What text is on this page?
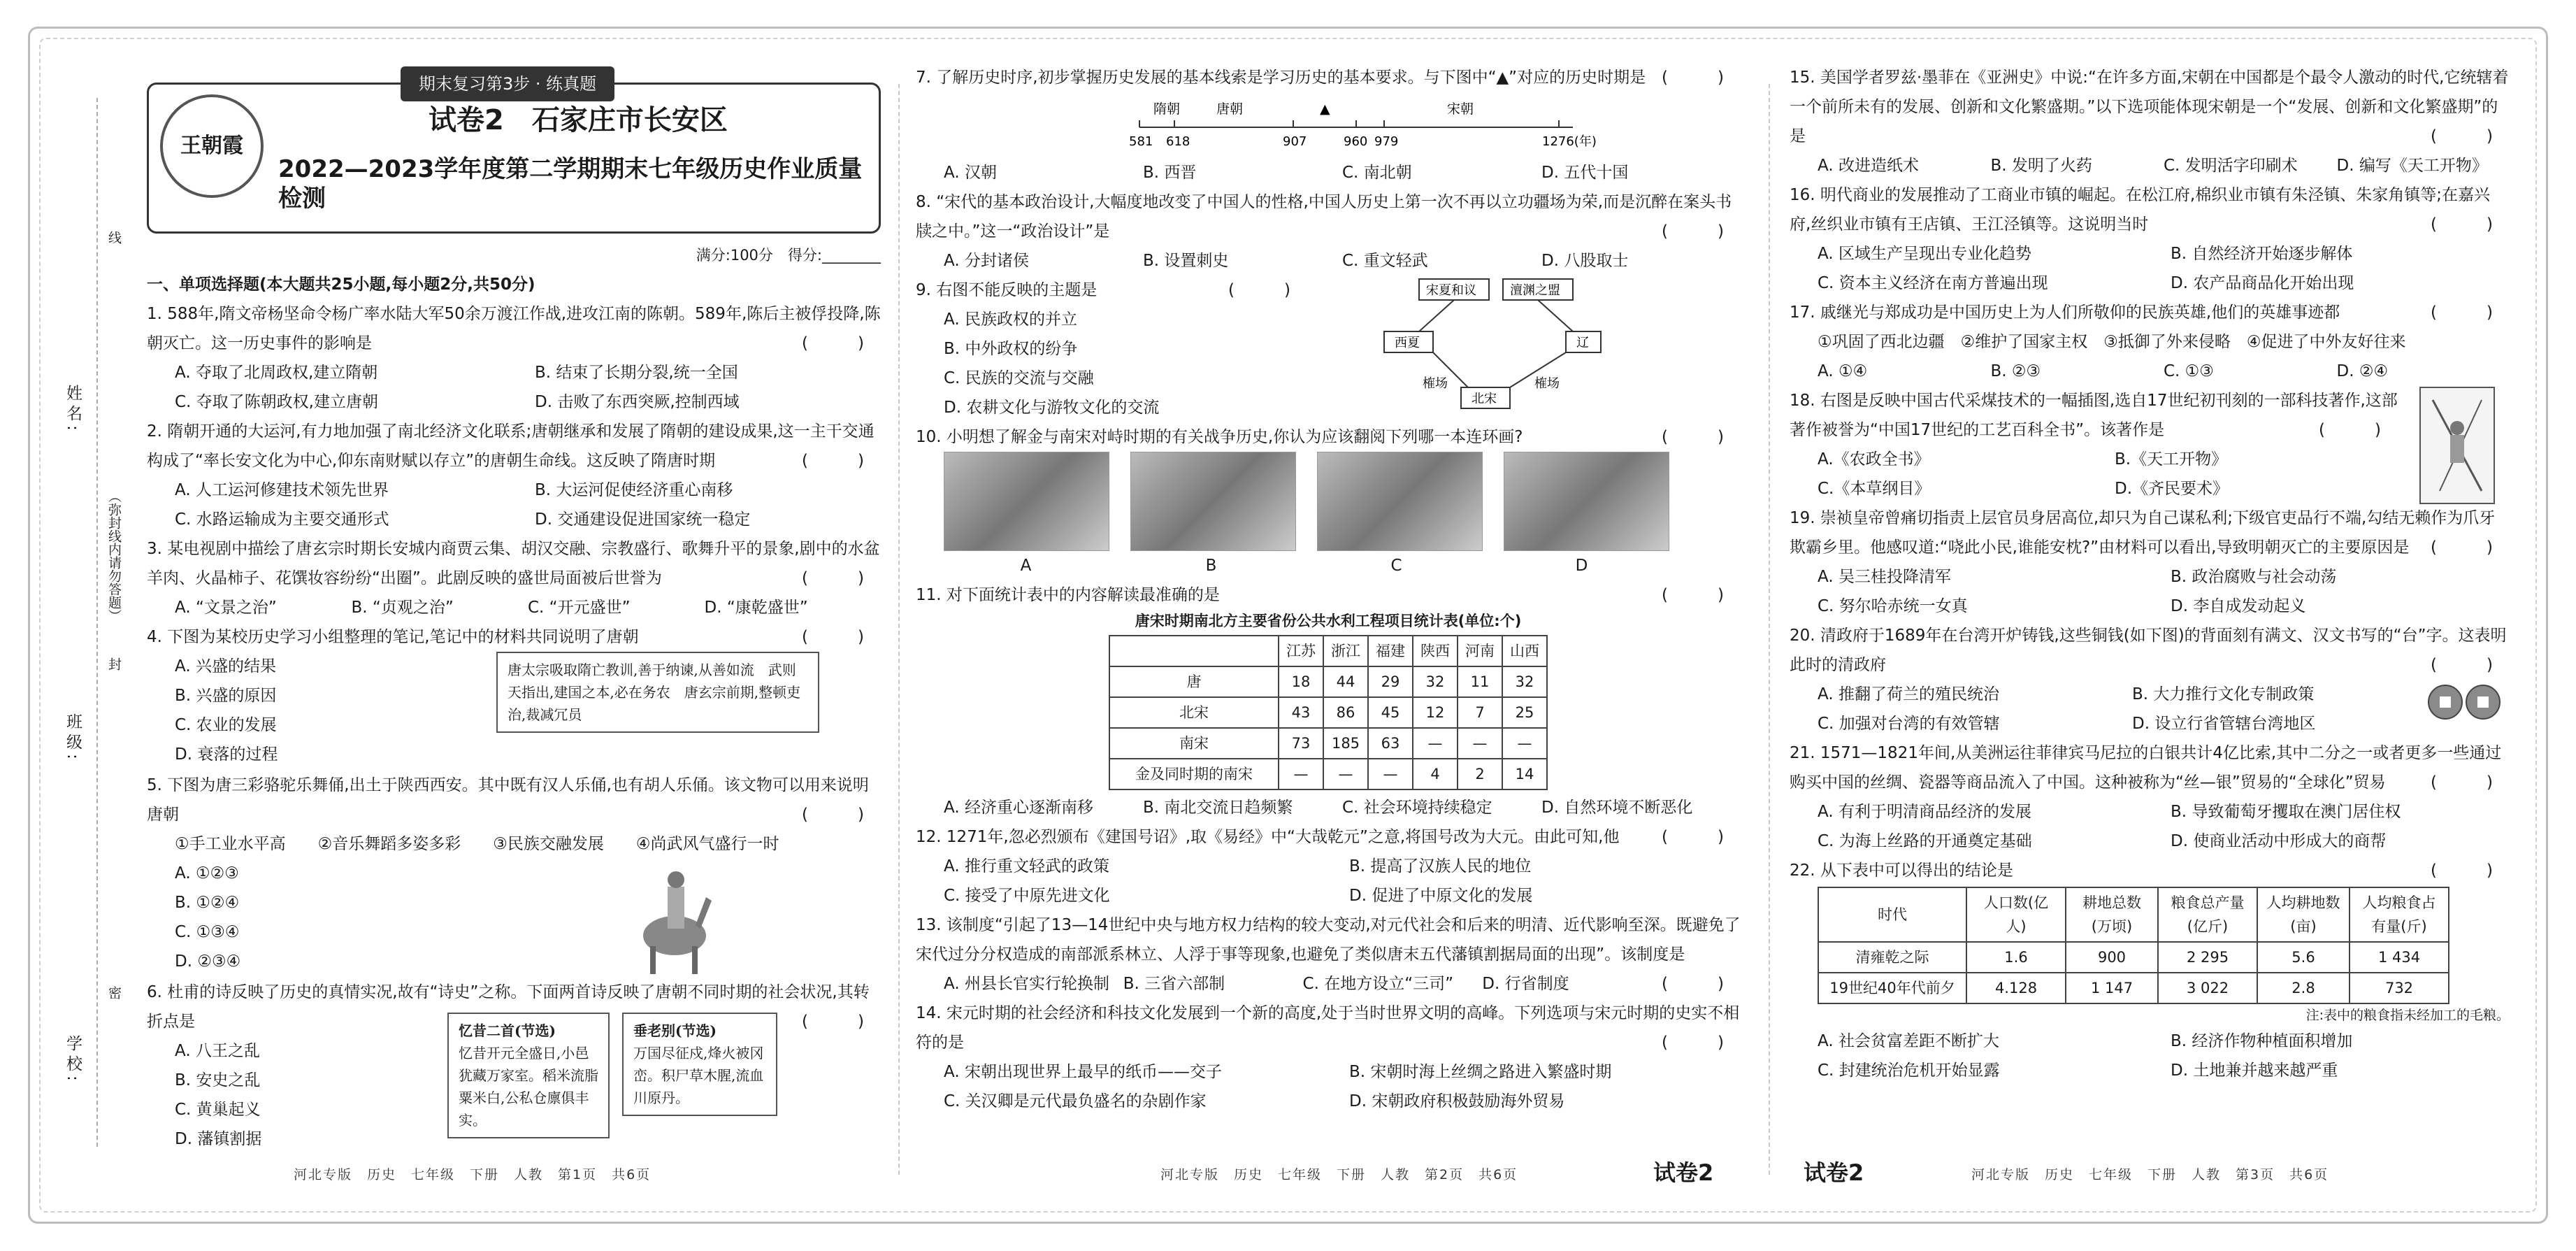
姓名:
班级:
学校:
线
（弥封线内请勿答题）
封
密
期末复习第3步 · 练真题
王朝霞
试卷2　石家庄市长安区
2022—2023学年度第二学期期末七年级历史作业质量检测
满分:100分　得分:________

一、单项选择题(本大题共25小题,每小题2分,共50分)

1. 588年,隋文帝杨坚命令杨广率水陆大军50余万渡江作战,进攻江南的陈朝。589年,陈后主被俘投降,陈朝灭亡。这一历史事件的影响是	(　)

A. 夺取了北周政权,建立隋朝	B. 结束了长期分裂,统一全国
C. 夺取了陈朝政权,建立唐朝	D. 击败了东西突厥,控制西域

2. 隋朝开通的大运河,有力地加强了南北经济文化联系;唐朝继承和发展了隋朝的建设成果,这一主干交通构成了“率长安文化为中心,仰东南财赋以存立”的唐朝生命线。这反映了隋唐时期	(　)

A. 人工运河修建技术领先世界	B. 大运河促使经济重心南移
C. 水路运输成为主要交通形式	D. 交通建设促进国家统一稳定

3. 某电视剧中描绘了唐玄宗时期长安城内商贾云集、胡汉交融、宗教盛行、歌舞升平的景象,剧中的水盆羊肉、火晶柿子、花馔妆容纷纷“出圈”。此剧反映的盛世局面被后世誉为	(　)

A. “文景之治”	B. “贞观之治”	C. “开元盛世”	D. “康乾盛世”

4. 下图为某校历史学习小组整理的笔记,笔记中的材料共同说明了唐朝	(　)

A. 兴盛的结果
B. 兴盛的原因
C. 农业的发展
D. 衰落的过程
唐太宗吸取隋亡教训,善于纳谏,从善如流　武则天指出,建国之本,必在务农　唐玄宗前期,整顿吏治,裁减冗员

5. 下图为唐三彩骆驼乐舞俑,出土于陕西西安。其中既有汉人乐俑,也有胡人乐俑。该文物可以用来说明唐朝	(　)

①手工业水平高　　②音乐舞蹈多姿多彩　　③民族交融发展　　④尚武风气盛行一时
A. ①②③
B. ①②④
C. ①③④
D. ②③④

6. 杜甫的诗反映了历史的真情实况,故有“诗史”之称。下面两首诗反映了唐朝不同时期的社会状况,其转折点是	(　)

A. 八王之乱
B. 安史之乱
C. 黄巢起义
D. 藩镇割据
忆昔二首(节选)
忆昔开元全盛日,小邑犹藏万家室。稻米流脂粟米白,公私仓廪俱丰实。
垂老别(节选)
万国尽征戍,烽火被冈峦。积尸草木腥,流血川原丹。
河北专版　历史　七年级　下册　人教　第1页　共6页

7. 了解历史时序,初步掌握历史发展的基本线索是学习历史的基本要求。与下图中“▲”对应的历史时期是 (　)

隋朝	唐朝	▲	宋朝
581 618	907	960 979	1276(年)
A. 汉朝	B. 西晋	C. 南北朝	D. 五代十国

8. “宋代的基本政治设计,大幅度地改变了中国人的性格,中国人历史上第一次不再以立功疆场为荣,而是沉醉在案头书牍之中。”这一“政治设计”是	(　)

A. 分封诸侯	B. 设置刺史	C. 重文轻武	D. 八股取士

9. 右图不能反映的主题是	(　)

A. 民族政权的并立
B. 中外政权的纷争
C. 民族的交流与交融
D. 农耕文化与游牧文化的交流
宋夏和议	澶渊之盟
西夏	辽
榷场	榷场
北宋

10. 小明想了解金与南宋对峙时期的有关战争历史,你认为应该翻阅下列哪一本连环画?	(　)

A	B	C	D

11. 对下面统计表中的内容解读最准确的是	(　)

唐宋时期南北方主要省份公共水利工程项目统计表(单位:个)
	江苏	浙江	福建	陕西	河南	山西
唐	18	44	29	32	11	32
北宋	43	86	45	12	7	25
南宋	73	185	63	—	—	—
金及同时期的南宋	—	—	—	4	2	14
A. 经济重心逐渐南移	B. 南北交流日趋频繁	C. 社会环境持续稳定	D. 自然环境不断恶化

12. 1271年,忽必烈颁布《建国号诏》,取《易经》中“大哉乾元”之意,将国号改为大元。由此可知,他	(　)

A. 推行重文轻武的政策	B. 提高了汉族人民的地位
C. 接受了中原先进文化	D. 促进了中原文化的发展

13. 该制度“引起了13—14世纪中央与地方权力结构的较大变动,对元代社会和后来的明清、近代影响至深。既避免了宋代过分分权造成的南部派系林立、人浮于事等现象,也避免了类似唐末五代藩镇割据局面的出现”。该制度是
(　)

A. 州县长官实行轮换制 B. 三省六部制	C. 在地方设立“三司”	D. 行省制度

14. 宋元时期的社会经济和科技文化发展到一个新的高度,处于当时世界文明的高峰。下列选项与宋元时期的史实不相符的是	(　)

A. 宋朝出现世界上最早的纸币——交子	B. 宋朝时海上丝绸之路进入繁盛时期
C. 关汉卿是元代最负盛名的杂剧作家	D. 宋朝政府积极鼓励海外贸易
河北专版　历史　七年级　下册　人教　第2页　共6页	试卷2

15. 美国学者罗兹·墨菲在《亚洲史》中说:“在许多方面,宋朝在中国都是个最令人激动的时代,它统辖着一个前所未有的发展、创新和文化繁盛期。”以下选项能体现宋朝是一个“发展、创新和文化繁盛期”的是	(　)

A. 改进造纸术	B. 发明了火药	C. 发明活字印刷术	D. 编写《天工开物》

16. 明代商业的发展推动了工商业市镇的崛起。在松江府,棉织业市镇有朱泾镇、朱家角镇等;在嘉兴府,丝织业市镇有王店镇、王江泾镇等。这说明当时	(　)

A. 区域生产呈现出专业化趋势	B. 自然经济开始逐步解体
C. 资本主义经济在南方普遍出现	D. 农产品商品化开始出现

17. 戚继光与郑成功是中国历史上为人们所敬仰的民族英雄,他们的英雄事迹都	(　)

①巩固了西北边疆　②维护了国家主权　③抵御了外来侵略　④促进了中外友好往来
A. ①④	B. ②③	C. ①③	D. ②④

18. 右图是反映中国古代采煤技术的一幅插图,选自17世纪初刊刻的一部科技著作,这部著作被誉为“中国17世纪的工艺百科全书”。该著作是	(　)

A.《农政全书》	B.《天工开物》
C.《本草纲目》	D.《齐民要术》

19. 崇祯皇帝曾痛切指责上层官员身居高位,却只为自己谋私利;下级官吏品行不端,勾结无赖作为爪牙欺霸乡里。他感叹道:“哓此小民,谁能安枕?”由材料可以看出,导致明朝灭亡的主要原因是 (　)

A. 吴三桂投降清军	B. 政治腐败与社会动荡
C. 努尔哈赤统一女真	D. 李自成发动起义

20. 清政府于1689年在台湾开炉铸钱,这些铜钱(如下图)的背面刻有满文、汉文书写的“台”字。这表明此时的清政府	(　)

A. 推翻了荷兰的殖民统治	B. 大力推行文化专制政策
C. 加强对台湾的有效管辖	D. 设立行省管辖台湾地区

21. 1571—1821年间,从美洲运往菲律宾马尼拉的白银共计4亿比索,其中二分之一或者更多一些通过购买中国的丝绸、瓷器等商品流入了中国。这种被称为“丝—银”贸易的“全球化”贸易	(　)

A. 有利于明清商品经济的发展	B. 导致葡萄牙攫取在澳门居住权
C. 为海上丝路的开通奠定基础	D. 使商业活动中形成大的商帮

22. 从下表中可以得出的结论是	(　)

时代	人口数(亿人)	耕地总数(万顷)	粮食总产量(亿斤)	人均耕地数(亩)	人均粮食占有量(斤)
清雍乾之际	1.6	900	2 295	5.6	1 434
19世纪40年代前夕	4.128	1 147	3 022	2.8	732
注:表中的粮食指未经加工的毛粮。
A. 社会贫富差距不断扩大	B. 经济作物种植面积增加
C. 封建统治危机开始显露	D. 土地兼并越来越严重
试卷2	河北专版　历史　七年级　下册　人教　第3页　共6页
